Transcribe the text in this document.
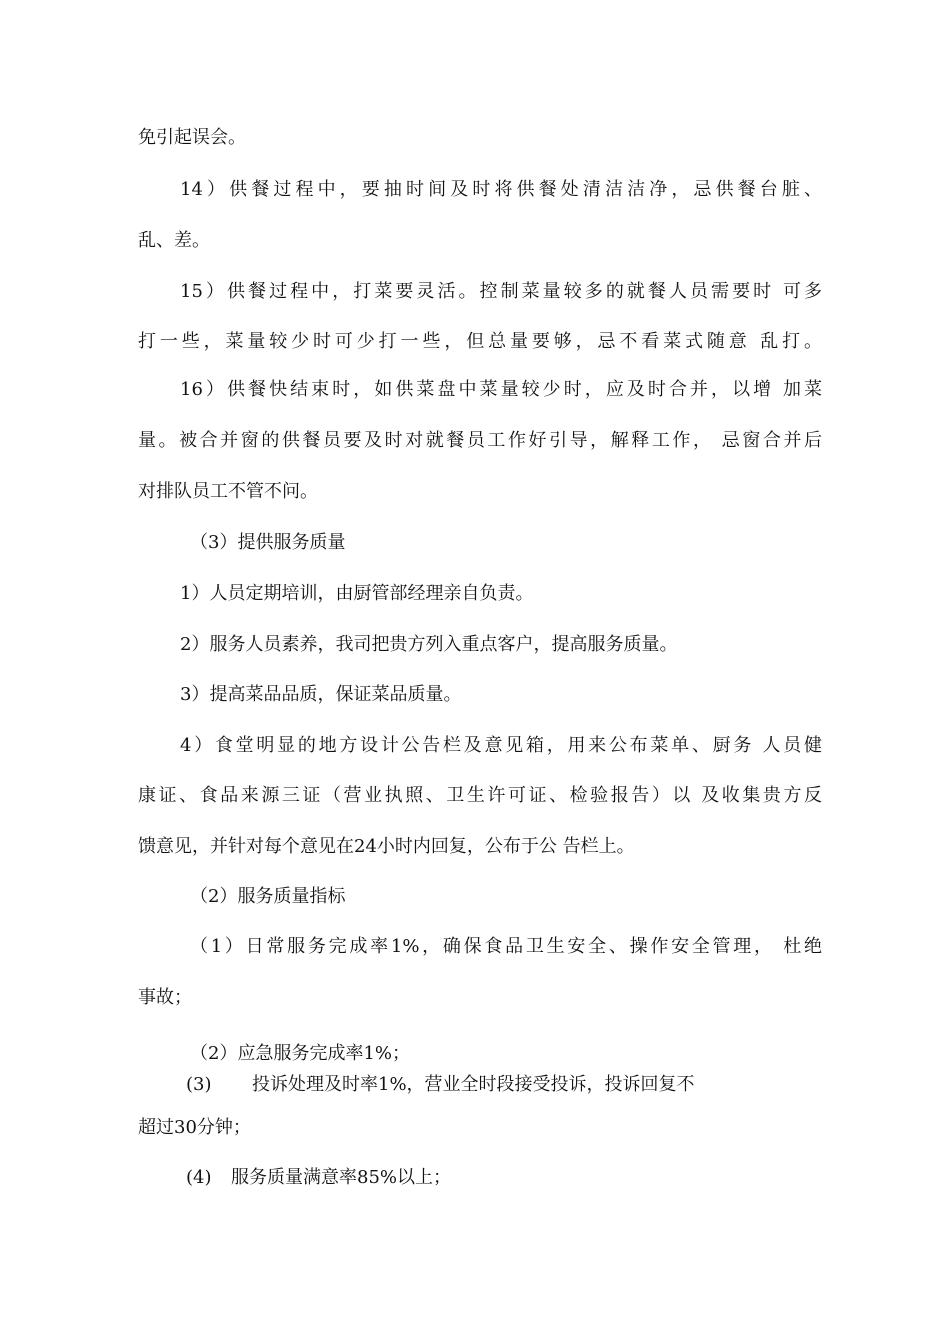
免引起误会。

14）供餐过程中，要抽时间及时将供餐处清洁洁净，忌供餐台脏、

乱、差。

15）供餐过程中，打菜要灵活。控制菜量较多的就餐人员需要时 可多

打一些，菜量较少时可少打一些，但总量要够，忌不看菜式随意 乱打。

16）供餐快结束时，如供菜盘中菜量较少时，应及时合并，以增 加菜

量。被合并窗的供餐员要及时对就餐员工作好引导，解释工作， 忌窗合并后

对排队员工不管不问。

（3）提供服务质量

1）人员定期培训，由厨管部经理亲自负责。

2）服务人员素养，我司把贵方列入重点客户，提高服务质量。

3）提高菜品品质，保证菜品质量。

4）食堂明显的地方设计公告栏及意见箱，用来公布菜单、厨务 人员健

康证、食品来源三证（营业执照、卫生许可证、检验报告）以 及收集贵方反

馈意见，并针对每个意见在24小时内回复，公布于公 告栏上。

（2）服务质量指标

（1）日常服务完成率1%，确保食品卫生安全、操作安全管理， 杜绝

事故；

（2）应急服务完成率1%；

(3)	投诉处理及时率1%，营业全时段接受投诉，投诉回复不

超过30分钟；

(4)	服务质量满意率85%以上；
